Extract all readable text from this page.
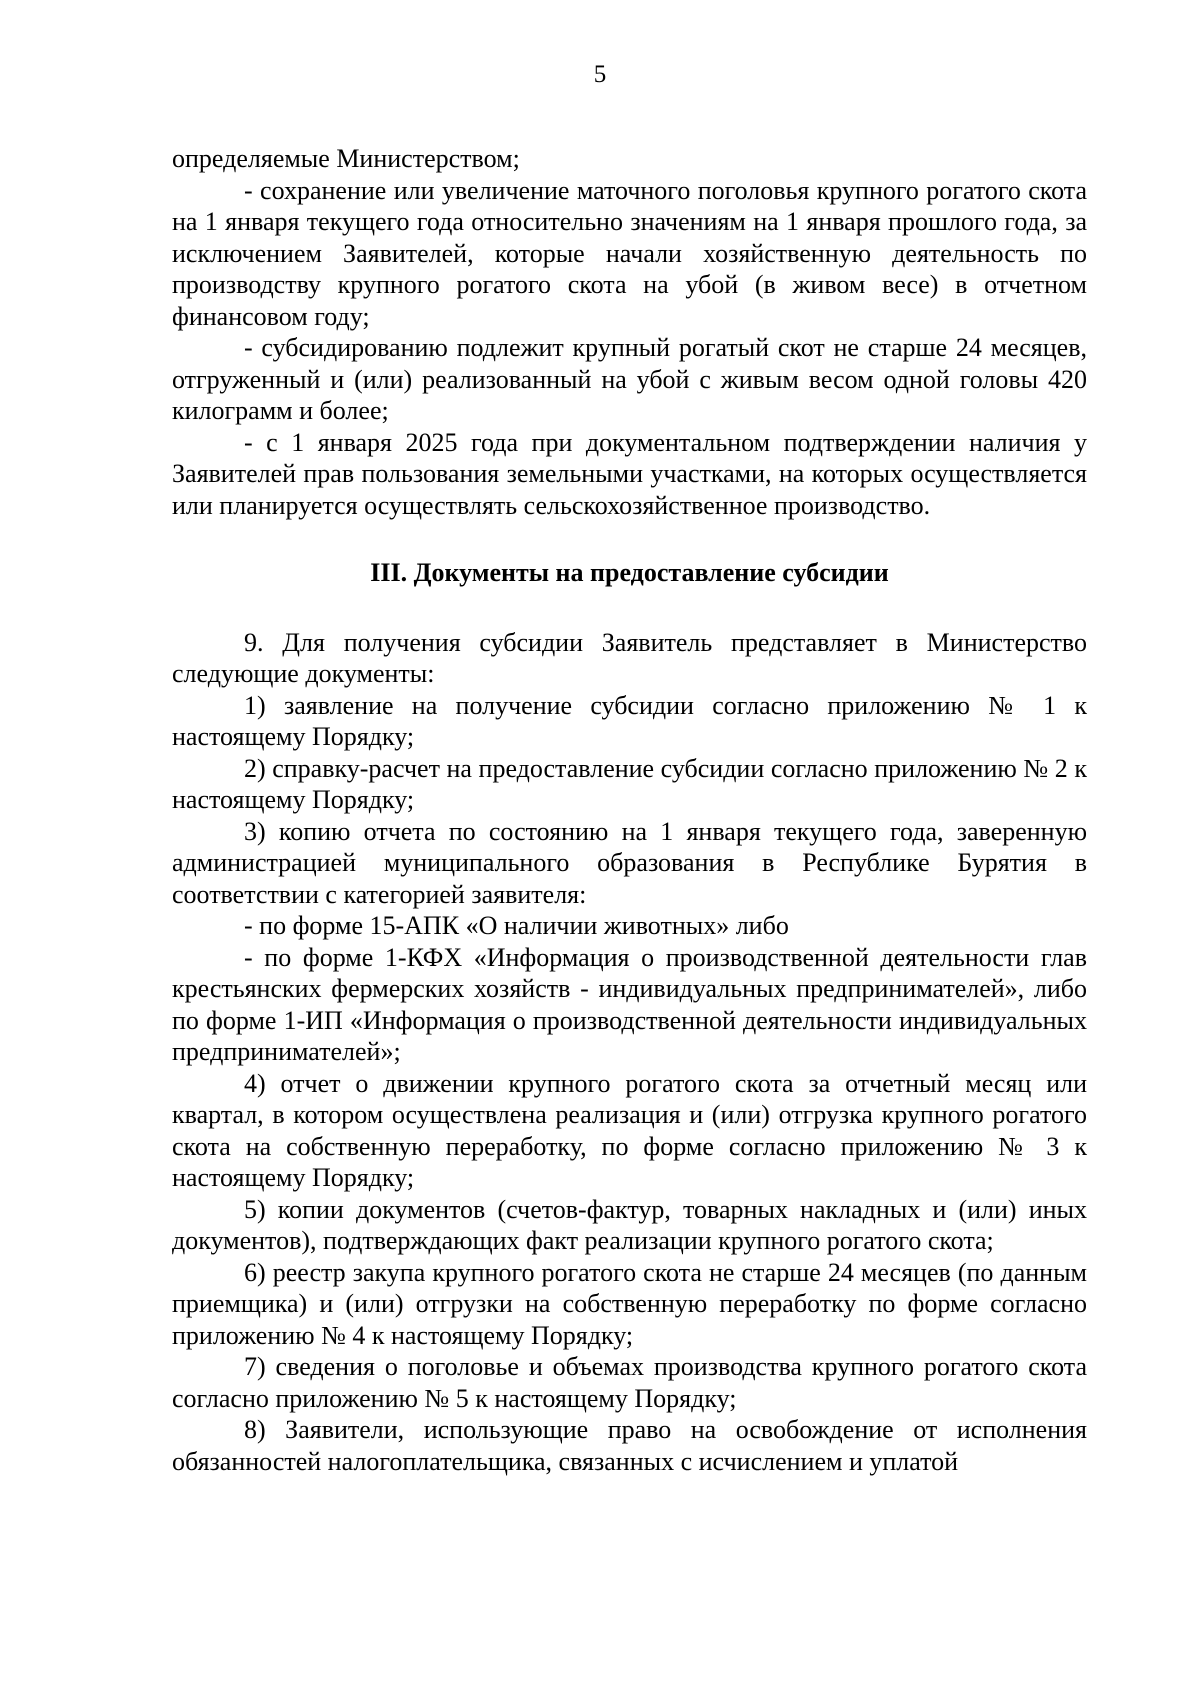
5

определяемые Министерством;

- сохранение или увеличение маточного поголовья крупного рогатого скота на 1 января текущего года относительно значениям на 1 января прошлого года, за исключением Заявителей, которые начали хозяйственную деятельность по производству крупного рогатого скота на убой (в живом весе) в отчетном финансовом году;

- субсидированию подлежит крупный рогатый скот не старше 24 месяцев, отгруженный и (или) реализованный на убой с живым весом одной головы 420 килограмм и более;

- с 1 января 2025 года при документальном подтверждении наличия у Заявителей прав пользования земельными участками, на которых осуществляется или планируется осуществлять сельскохозяйственное производство.

III. Документы на предоставление субсидии

9. Для получения субсидии Заявитель представляет в Министерство следующие документы:

1) заявление на получение субсидии согласно приложению № 1 к настоящему Порядку;

2) справку-расчет на предоставление субсидии согласно приложению № 2 к настоящему Порядку;

3) копию отчета по состоянию на 1 января текущего года, заверенную администрацией муниципального образования в Республике Бурятия в соответствии с категорией заявителя:

- по форме 15-АПК «О наличии животных» либо

- по форме 1-КФХ «Информация о производственной деятельности глав крестьянских фермерских хозяйств - индивидуальных предпринимателей», либо по форме 1-ИП «Информация о производственной деятельности индивидуальных предпринимателей»;

4) отчет о движении крупного рогатого скота за отчетный месяц или квартал, в котором осуществлена реализация и (или) отгрузка крупного рогатого скота на собственную переработку, по форме согласно приложению № 3 к настоящему Порядку;

5) копии документов (счетов-фактур, товарных накладных и (или) иных документов), подтверждающих факт реализации крупного рогатого скота;

6) реестр закупа крупного рогатого скота не старше 24 месяцев (по данным приемщика) и (или) отгрузки на собственную переработку по форме согласно приложению № 4 к настоящему Порядку;

7) сведения о поголовье и объемах производства крупного рогатого скота согласно приложению № 5 к настоящему Порядку;

8) Заявители, использующие право на освобождение от исполнения обязанностей налогоплательщика, связанных с исчислением и уплатой
